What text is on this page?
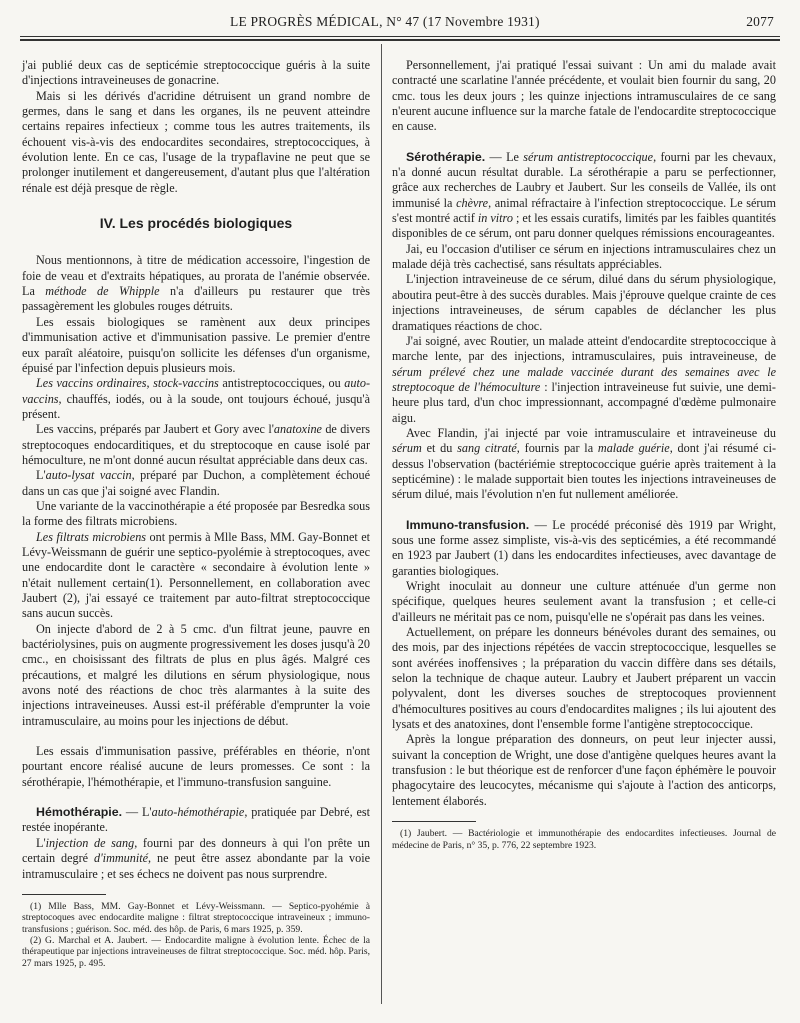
LE PROGRÈS MÉDICAL, N° 47 (17 Novembre 1931)	2077

j'ai publié deux cas de septicémie streptococcique guéris à la suite d'injections intraveineuses de gonacrine.

Mais si les dérivés d'acridine détruisent un grand nombre de germes, dans le sang et dans les organes, ils ne peuvent atteindre certains repaires infectieux ; comme tous les autres traitements, ils échouent vis-à-vis des endocardites secondaires, streptococciques, à évolution lente. En ce cas, l'usage de la trypaflavine ne peut que se prolonger inutilement et dangereusement, d'autant plus que l'altération rénale est déjà presque de règle.

IV. Les procédés biologiques

Nous mentionnons, à titre de médication accessoire, l'ingestion de foie de veau et d'extraits hépatiques, au prorata de l'anémie observée. La méthode de Whipple n'a d'ailleurs pu restaurer que très passagèrement les globules rouges détruits.

Les essais biologiques se ramènent aux deux principes d'immunisation active et d'immunisation passive. Le premier d'entre eux paraît aléatoire, puisqu'on sollicite les défenses d'un organisme, épuisé par l'infection depuis plusieurs mois.

Les vaccins ordinaires, stock-vaccins antistreptococciques, ou auto-vaccins, chauffés, iodés, ou à la soude, ont toujours échoué, jusqu'à présent.

Les vaccins, préparés par Jaubert et Gory avec l'anatoxine de divers streptocoques endocarditiques, et du streptocoque en cause isolé par hémoculture, ne m'ont donné aucun résultat appréciable dans deux cas.

L'auto-lysat vaccin, préparé par Duchon, a complètement échoué dans un cas que j'ai soigné avec Flandin.

Une variante de la vaccinothérapie a été proposée par Besredka sous la forme des filtrats microbiens.

Les filtrats microbiens ont permis à Mlle Bass, MM. Gay-Bonnet et Lévy-Weissmann de guérir une septico-pyolémie à streptocoques, avec une endocardite dont le caractère « secondaire à évolution lente » n'était nullement certain(1). Personnellement, en collaboration avec Jaubert (2), j'ai essayé ce traitement par auto-filtrat streptococcique sans aucun succès.

On injecte d'abord de 2 à 5 cmc. d'un filtrat jeune, pauvre en bactériolysines, puis on augmente progressivement les doses jusqu'à 20 cmc., en choisissant des filtrats de plus en plus âgés. Malgré ces précautions, et malgré les dilutions en sérum physiologique, nous avons noté des réactions de choc très alarmantes à la suite des injections intraveineuses. Aussi est-il préférable d'emprunter la voie intramusculaire, au moins pour les injections de début.

Les essais d'immunisation passive, préférables en théorie, n'ont pourtant encore réalisé aucune de leurs promesses. Ce sont : la sérothérapie, l'hémothérapie, et l'immuno-transfusion sanguine.

Hémothérapie. — L'auto-hémothérapie, pratiquée par Debré, est restée inopérante.

L'injection de sang, fourni par des donneurs à qui l'on prête un certain degré d'immunité, ne peut être assez abondante par la voie intramusculaire ; et ses échecs ne doivent pas nous surprendre.

(1) Mlle Bass, MM. Gay-Bonnet et Lévy-Weissmann. — Septico-pyohémie à streptocoques avec endocardite maligne : filtrat streptococcique intraveineux ; immuno-transfusions ; guérison. Soc. méd. des hôp. de Paris, 6 mars 1925, p. 359.

(2) G. Marchal et A. Jaubert. — Endocardite maligne à évolution lente. Échec de la thérapeutique par injections intraveineuses de filtrat streptococcique. Soc. méd. hôp. Paris, 27 mars 1925, p. 495.

Personnellement, j'ai pratiqué l'essai suivant : Un ami du malade avait contracté une scarlatine l'année précédente, et voulait bien fournir du sang, 20 cmc. tous les deux jours ; les quinze injections intramusculaires de ce sang n'eurent aucune influence sur la marche fatale de l'endocardite streptococcique en cause.

Sérothérapie. — Le sérum antistreptococcique, fourni par les chevaux, n'a donné aucun résultat durable. La sérothérapie a paru se perfectionner, grâce aux recherches de Laubry et Jaubert. Sur les conseils de Vallée, ils ont immunisé la chèvre, animal réfractaire à l'infection streptococcique. Le sérum s'est montré actif in vitro ; et les essais curatifs, limités par les faibles quantités disponibles de ce sérum, ont paru donner quelques rémissions encourageantes.

Jai, eu l'occasion d'utiliser ce sérum en injections intramusculaires chez un malade déjà très cachectisé, sans résultats appréciables.

L'injection intraveineuse de ce sérum, dilué dans du sérum physiologique, aboutira peut-être à des succès durables. Mais j'éprouve quelque crainte de ces injections intraveineuses, de sérum capables de déclancher les plus dramatiques réactions de choc.

J'ai soigné, avec Routier, un malade atteint d'endocardite streptococcique à marche lente, par des injections, intramusculaires, puis intraveineuse, de sérum prélevé chez une malade vaccinée durant des semaines avec le streptocoque de l'hémoculture : l'injection intraveineuse fut suivie, une demi-heure plus tard, d'un choc impressionnant, accompagné d'œdème pulmonaire aigu.

Avec Flandin, j'ai injecté par voie intramusculaire et intraveineuse du sérum et du sang citraté, fournis par la malade guérie, dont j'ai résumé ci-dessus l'observation (bactériémie streptococcique guérie après traitement à la septicémine) : le malade supportait bien toutes les injections intraveineuses de sérum dilué, mais l'évolution n'en fut nullement améliorée.

Immuno-transfusion. — Le procédé préconisé dès 1919 par Wright, sous une forme assez simpliste, vis-à-vis des septicémies, a été recommandé en 1923 par Jaubert (1) dans les endocardites infectieuses, avec davantage de garanties biologiques.

Wright inoculait au donneur une culture atténuée d'un germe non spécifique, quelques heures seulement avant la transfusion ; et celle-ci d'ailleurs ne méritait pas ce nom, puisqu'elle ne s'opérait pas dans les veines.

Actuellement, on prépare les donneurs bénévoles durant des semaines, ou des mois, par des injections répétées de vaccin streptococcique, lesquelles se sont avérées inoffensives ; la préparation du vaccin diffère dans ses détails, selon la technique de chaque auteur. Laubry et Jaubert préparent un vaccin polyvalent, dont les diverses souches de streptocoques proviennent d'hémocultures positives au cours d'endocardites malignes ; ils lui ajoutent des lysats et des anatoxines, dont l'ensemble forme l'antigène streptococcique.

Après la longue préparation des donneurs, on peut leur injecter aussi, suivant la conception de Wright, une dose d'antigène quelques heures avant la transfusion : le but théorique est de renforcer d'une façon éphémère le pouvoir phagocytaire des leucocytes, mécanisme qui s'ajoute à l'action des anticorps, lentement élaborés.

(1) Jaubert. — Bactériologie et immunothérapie des endocardites infectieuses. Journal de médecine de Paris, n° 35, p. 776, 22 septembre 1923.
